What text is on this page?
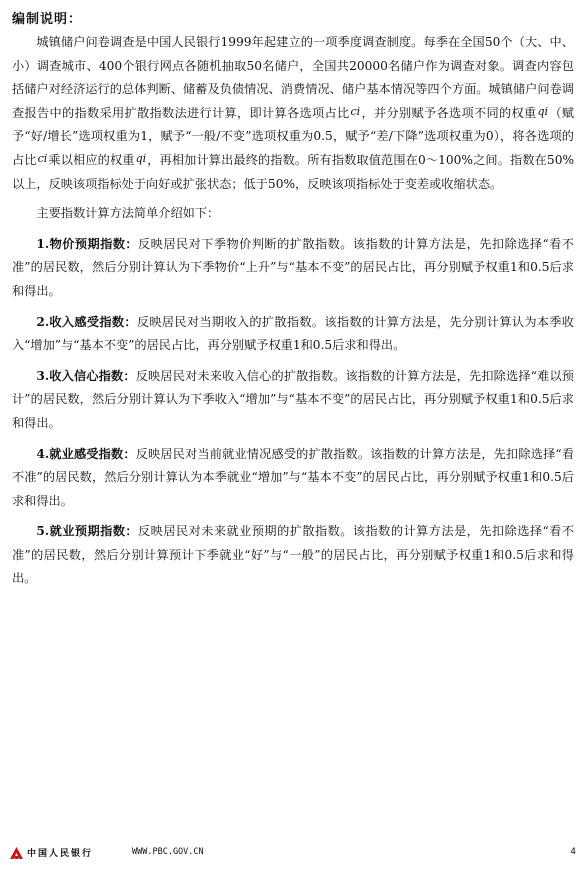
编制说明：

城镇储户问卷调查是中国人民银行1999年起建立的一项季度调查制度。每季在全国50个（大、中、小）调查城市、400个银行网点各随机抽取50名储户，全国共20000名储户作为调查对象。调查内容包括储户对经济运行的总体判断、储蓄及负债情况、消费情况、储户基本情况等四个方面。城镇储户问卷调查报告中的指数采用扩散指数法进行计算，即计算各选项占比ci，并分别赋予各选项不同的权重qi（赋予“好/增长”选项权重为1，赋予“一般/不变”选项权重为0.5，赋予“差/下降”选项权重为0），将各选项的占比ci乘以相应的权重qi，再相加计算出最终的指数。所有指数取值范围在0～100%之间。指数在50%以上，反映该项指标处于向好或扩张状态；低于50%，反映该项指标处于变差或收缩状态。

主要指数计算方法简单介绍如下：

1.物价预期指数：反映居民对下季物价判断的扩散指数。该指数的计算方法是，先扣除选择“看不准”的居民数，然后分别计算认为下季物价“上升”与“基本不变”的居民占比，再分别赋予权重1和0.5后求和得出。

2.收入感受指数：反映居民对当期收入的扩散指数。该指数的计算方法是，先分别计算认为本季收入“增加”与“基本不变”的居民占比，再分别赋予权重1和0.5后求和得出。

3.收入信心指数：反映居民对未来收入信心的扩散指数。该指数的计算方法是，先扣除选择“难以预计”的居民数，然后分别计算认为下季收入“增加”与“基本不变”的居民占比，再分别赋予权重1和0.5后求和得出。

4.就业感受指数：反映居民对当前就业情况感受的扩散指数。该指数的计算方法是，先扣除选择“看不准”的居民数，然后分别计算认为本季就业“增加”与“基本不变”的居民占比，再分别赋予权重1和0.5后求和得出。

5.就业预期指数：反映居民对未来就业预期的扩散指数。该指数的计算方法是，先扣除选择“看不准”的居民数，然后分别计算预计下季就业“好”与“一般”的居民占比，再分别赋予权重1和0.5后求和得出。

中国人民银行	WWW.PBC.GOV.CN	4
